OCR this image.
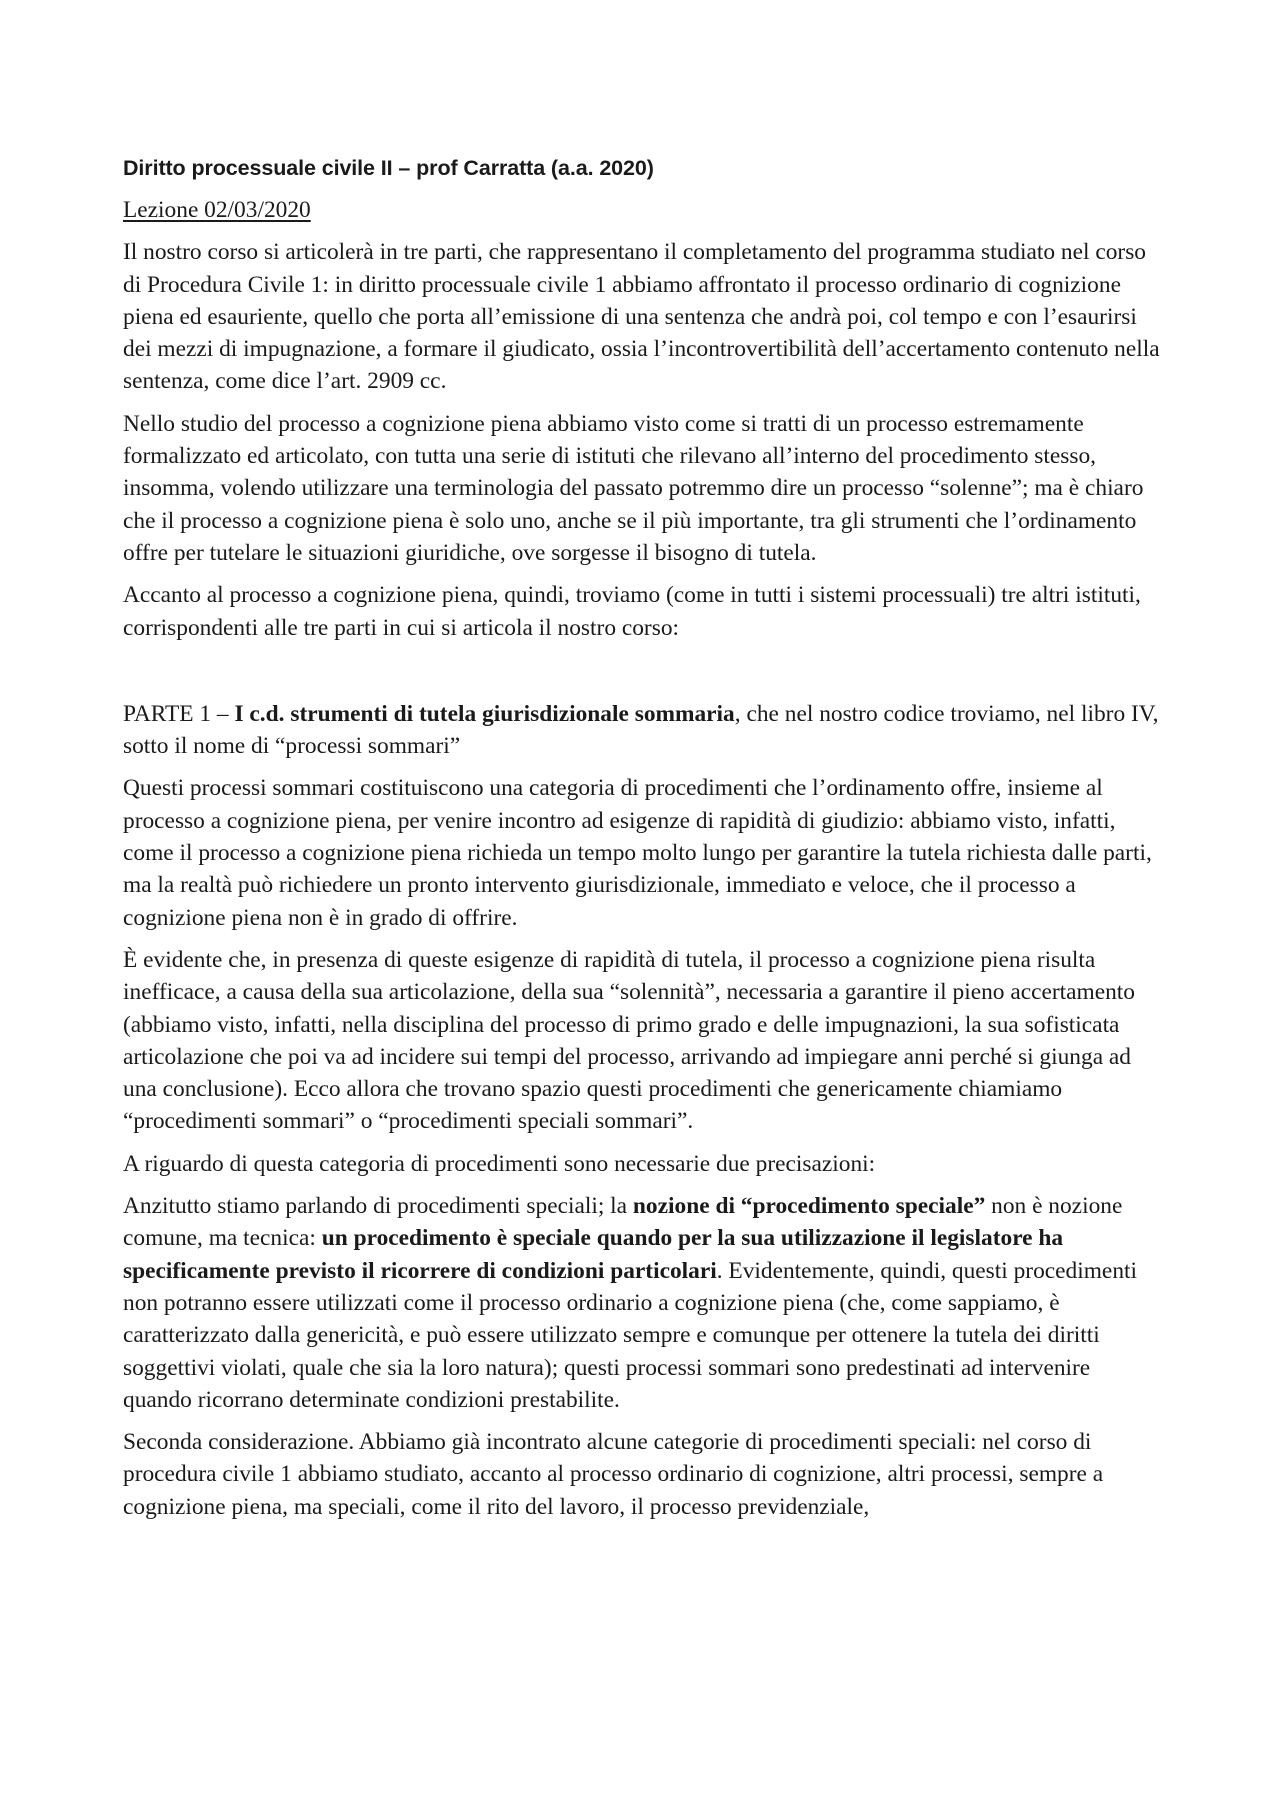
Diritto processuale civile II – prof Carratta (a.a. 2020)
Lezione 02/03/2020

Il nostro corso si articolerà in tre parti, che rappresentano il completamento del programma studiato nel corso di Procedura Civile 1: in diritto processuale civile 1 abbiamo affrontato il processo ordinario di cognizione piena ed esauriente, quello che porta all’emissione di una sentenza che andrà poi, col tempo e con l’esaurirsi dei mezzi di impugnazione, a formare il giudicato, ossia l’incontrovertibilità dell’accertamento contenuto nella sentenza, come dice l’art. 2909 cc.

Nello studio del processo a cognizione piena abbiamo visto come si tratti di un processo estremamente formalizzato ed articolato, con tutta una serie di istituti che rilevano all’interno del procedimento stesso, insomma, volendo utilizzare una terminologia del passato potremmo dire un processo “solenne”; ma è chiaro che il processo a cognizione piena è solo uno, anche se il più importante, tra gli strumenti che l’ordinamento offre per tutelare le situazioni giuridiche, ove sorgesse il bisogno di tutela.

Accanto al processo a cognizione piena, quindi, troviamo (come in tutti i sistemi processuali) tre altri istituti, corrispondenti alle tre parti in cui si articola il nostro corso:

PARTE 1 – I c.d. strumenti di tutela giurisdizionale sommaria, che nel nostro codice troviamo, nel libro IV, sotto il nome di “processi sommari”

Questi processi sommari costituiscono una categoria di procedimenti che l’ordinamento offre, insieme al processo a cognizione piena, per venire incontro ad esigenze di rapidità di giudizio: abbiamo visto, infatti, come il processo a cognizione piena richieda un tempo molto lungo per garantire la tutela richiesta dalle parti, ma la realtà può richiedere un pronto intervento giurisdizionale, immediato e veloce, che il processo a cognizione piena non è in grado di offrire.

È evidente che, in presenza di queste esigenze di rapidità di tutela, il processo a cognizione piena risulta inefficace, a causa della sua articolazione, della sua “solennità”, necessaria a garantire il pieno accertamento (abbiamo visto, infatti, nella disciplina del processo di primo grado e delle impugnazioni, la sua sofisticata articolazione che poi va ad incidere sui tempi del processo, arrivando ad impiegare anni perché si giunga ad una conclusione). Ecco allora che trovano spazio questi procedimenti che genericamente chiamiamo “procedimenti sommari” o “procedimenti speciali sommari”.

A riguardo di questa categoria di procedimenti sono necessarie due precisazioni:

Anzitutto stiamo parlando di procedimenti speciali; la nozione di “procedimento speciale” non è nozione comune, ma tecnica: un procedimento è speciale quando per la sua utilizzazione il legislatore ha specificamente previsto il ricorrere di condizioni particolari. Evidentemente, quindi, questi procedimenti non potranno essere utilizzati come il processo ordinario a cognizione piena (che, come sappiamo, è caratterizzato dalla genericità, e può essere utilizzato sempre e comunque per ottenere la tutela dei diritti soggettivi violati, quale che sia la loro natura); questi processi sommari sono predestinati ad intervenire quando ricorrano determinate condizioni prestabilite.

Seconda considerazione. Abbiamo già incontrato alcune categorie di procedimenti speciali: nel corso di procedura civile 1 abbiamo studiato, accanto al processo ordinario di cognizione, altri processi, sempre a cognizione piena, ma speciali, come il rito del lavoro, il processo previdenziale,
